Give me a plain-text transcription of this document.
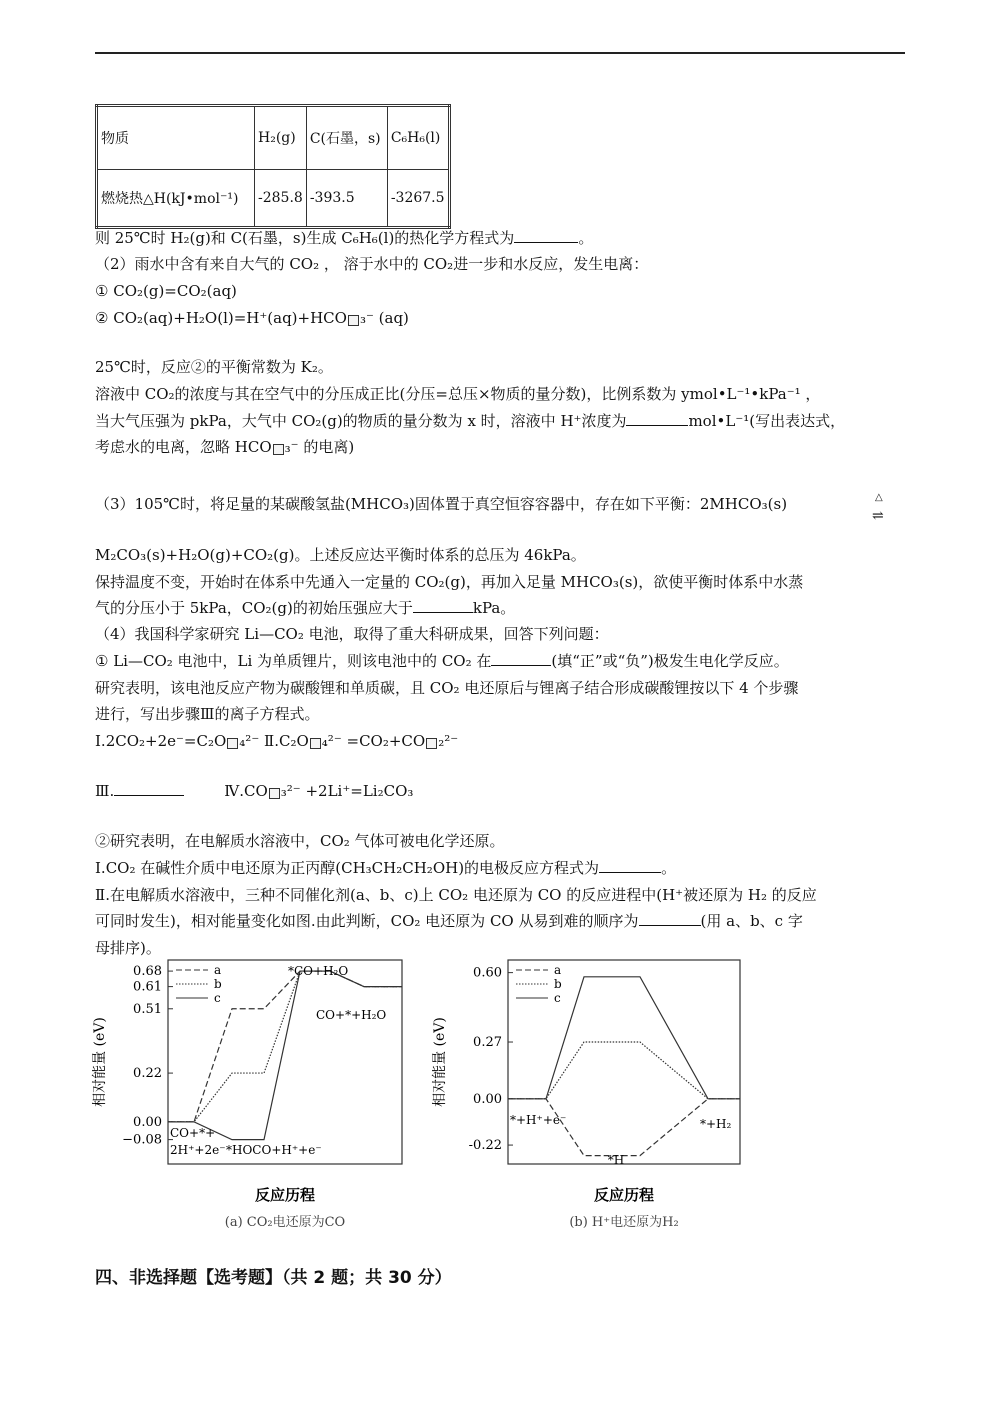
物质	H₂(g)	C(石墨，s)	C₆H₆(l)
燃烧热△H(kJ•mol⁻¹)	-285.8	-393.5	-3267.5
则 25℃时 H₂(g)和 C(石墨，s)生成 C₆H₆(l)的热化学方程式为	。
（2）雨水中含有来自大气的 CO₂ ， 溶于水中的 CO₂进一步和水反应，发生电离：
① CO₂(g)=CO₂(aq)
② CO₂(aq)+H₂O(l)=H⁺(aq)+HCO ₃⁻ (aq)
25℃时，反应②的平衡常数为 K₂。
溶液中 CO₂的浓度与其在空气中的分压成正比(分压=总压×物质的量分数)，比例系数为 ymol•L⁻¹•kPa⁻¹ ，
当大气压强为 pkPa，大气中 CO₂(g)的物质的量分数为 x 时，溶液中 H⁺浓度为	mol•L⁻¹(写出表达式，
考虑水的电离，忽略 HCO ₃⁻ 的电离)
（3）105℃时，将足量的某碳酸氢盐(MHCO₃)固体置于真空恒容容器中，存在如下平衡：2MHCO₃(s)	△
⇌
M₂CO₃(s)+H₂O(g)+CO₂(g)。上述反应达平衡时体系的总压为 46kPa。
保持温度不变，开始时在体系中先通入一定量的 CO₂(g)，再加入足量 MHCO₃(s)，欲使平衡时体系中水蒸
气的分压小于 5kPa，CO₂(g)的初始压强应大于	kPa。
（4）我国科学家研究 Li—CO₂ 电池，取得了重大科研成果，回答下列问题：
① Li—CO₂ 电池中，Li 为单质锂片，则该电池中的 CO₂ 在	(填“正”或“负”)极发生电化学反应。
研究表明，该电池反应产物为碳酸锂和单质碳，且 CO₂ 电还原后与锂离子结合形成碳酸锂按以下 4 个步骤
进行，写出步骤Ⅲ的离子方程式。
Ⅰ.2CO₂+2e⁻=C₂O ₄²⁻ Ⅱ.C₂O ₄²⁻ =CO₂+CO ₂²⁻
Ⅲ.	Ⅳ.CO ₃²⁻ +2Li⁺=Li₂CO₃
②研究表明，在电解质水溶液中，CO₂ 气体可被电化学还原。
Ⅰ.CO₂ 在碱性介质中电还原为正丙醇(CH₃CH₂CH₂OH)的电极反应方程式为	。
Ⅱ.在电解质水溶液中，三种不同催化剂(a、b、c)上 CO₂ 电还原为 CO 的反应进程中(H⁺被还原为 H₂ 的反应
可同时发生)，相对能量变化如图.由此判断，CO₂ 电还原为 CO 从易到难的顺序为	(用 a、b、c 字
母排序)。
0.68
0.61
0.51
0.22
0.00
−0.08
相对能量 (eV)
反应历程
(a) CO₂电还原为CO
a
b
c
*CO+H₂O
CO+*+H₂O
CO+*+
2H⁺+2e⁻ *HOCO+H⁺+e⁻
0.60
0.27
0.00
-0.22
相对能量 (eV)
反应历程
(b) H⁺电还原为H₂
a
b
c
*+H⁺+e⁻
*H
*+H₂
四、非选择题【选考题】（共 2 题；共 30 分）
